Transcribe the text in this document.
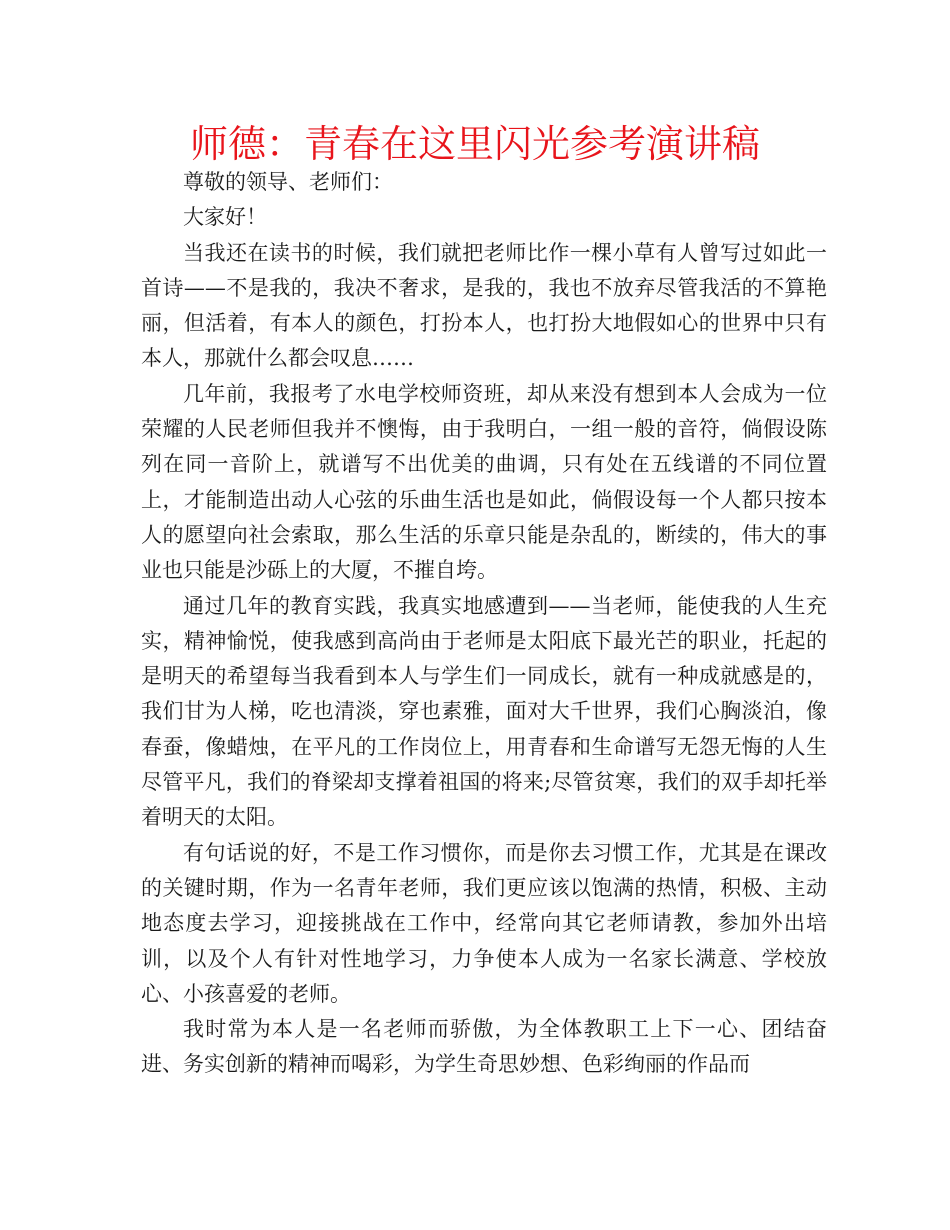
师德：青春在这里闪光参考演讲稿

尊敬的领导、老师们：

大家好！

当我还在读书的时候，我们就把老师比作一棵小草有人曾写过如此一首诗——不是我的，我决不奢求，是我的，我也不放弃尽管我活的不算艳丽，但活着，有本人的颜色，打扮本人，也打扮大地假如心的世界中只有本人，那就什么都会叹息……

几年前，我报考了水电学校师资班，却从来没有想到本人会成为一位荣耀的人民老师但我并不懊悔，由于我明白，一组一般的音符，倘假设陈列在同一音阶上，就谱写不出优美的曲调，只有处在五线谱的不同位置上，才能制造出动人心弦的乐曲生活也是如此，倘假设每一个人都只按本人的愿望向社会索取，那么生活的乐章只能是杂乱的，断续的，伟大的事业也只能是沙砾上的大厦，不摧自垮。

通过几年的教育实践，我真实地感遭到——当老师，能使我的人生充实，精神愉悦，使我感到高尚由于老师是太阳底下最光芒的职业，托起的是明天的希望每当我看到本人与学生们一同成长，就有一种成就感是的，我们甘为人梯，吃也清淡，穿也素雅，面对大千世界，我们心胸淡泊，像春蚕，像蜡烛，在平凡的工作岗位上，用青春和生命谱写无怨无悔的人生尽管平凡，我们的脊梁却支撑着祖国的将来;尽管贫寒，我们的双手却托举着明天的太阳。

有句话说的好，不是工作习惯你，而是你去习惯工作，尤其是在课改的关键时期，作为一名青年老师，我们更应该以饱满的热情，积极、主动地态度去学习，迎接挑战在工作中，经常向其它老师请教，参加外出培训，以及个人有针对性地学习，力争使本人成为一名家长满意、学校放心、小孩喜爱的老师。

我时常为本人是一名老师而骄傲，为全体教职工上下一心、团结奋进、务实创新的精神而喝彩，为学生奇思妙想、色彩绚丽的作品而
